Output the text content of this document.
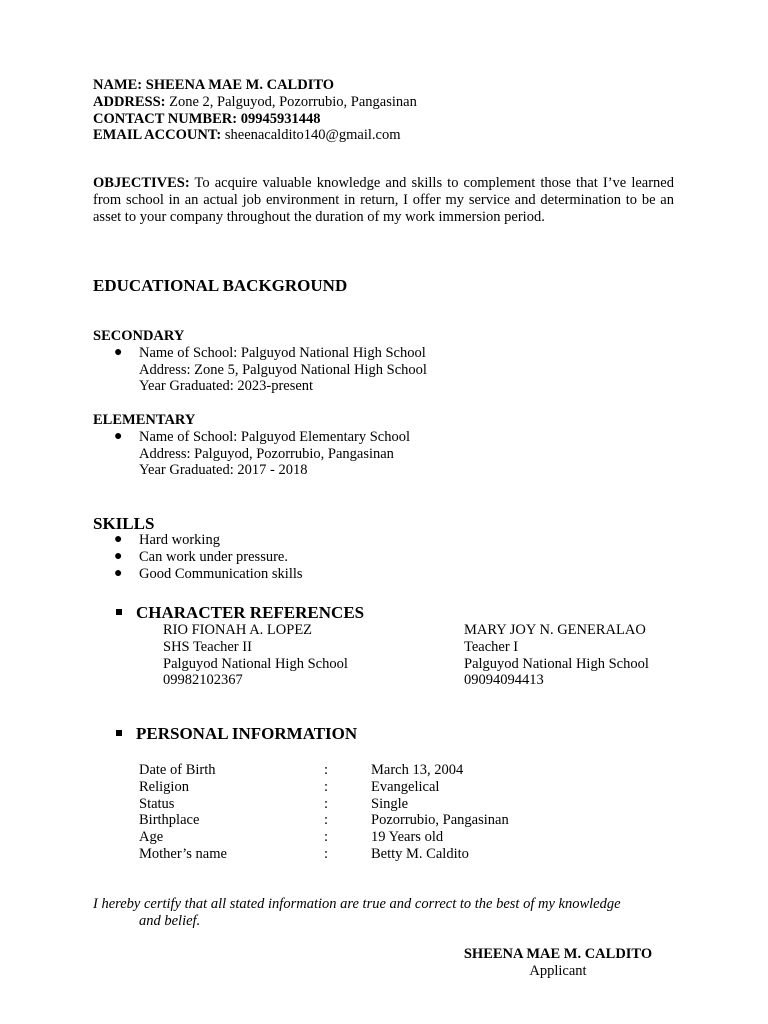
NAME: SHEENA MAE M. CALDITO
ADDRESS: Zone 2, Palguyod, Pozorrubio, Pangasinan
CONTACT NUMBER: 09945931448
EMAIL ACCOUNT: sheenacaldito140@gmail.com
OBJECTIVES: To acquire valuable knowledge and skills to complement those that I’ve learned from school in an actual job environment in return, I offer my service and determination to be an asset to your company throughout the duration of my work immersion period.
EDUCATIONAL BACKGROUND
SECONDARY
● Name of School: Palguyod National High School
Address: Zone 5, Palguyod National High School
Year Graduated: 2023-present
ELEMENTARY
● Name of School: Palguyod Elementary School
Address: Palguyod, Pozorrubio, Pangasinan
Year Graduated: 2017 - 2018
SKILLS
● Hard working
● Can work under pressure.
● Good Communication skills
CHARACTER REFERENCES
RIO FIONAH A. LOPEZ
SHS Teacher II
Palguyod National High School
09982102367
MARY JOY N. GENERALAO
Teacher I
Palguyod National High School
09094094413
PERSONAL INFORMATION
Date of Birth	:	March 13, 2004
Religion	:	Evangelical
Status	:	Single
Birthplace	:	Pozorrubio, Pangasinan
Age	:	19 Years old
Mother’s name	:	Betty M. Caldito
I hereby certify that all stated information are true and correct to the best of my knowledge
and belief.
SHEENA MAE M. CALDITO
Applicant
